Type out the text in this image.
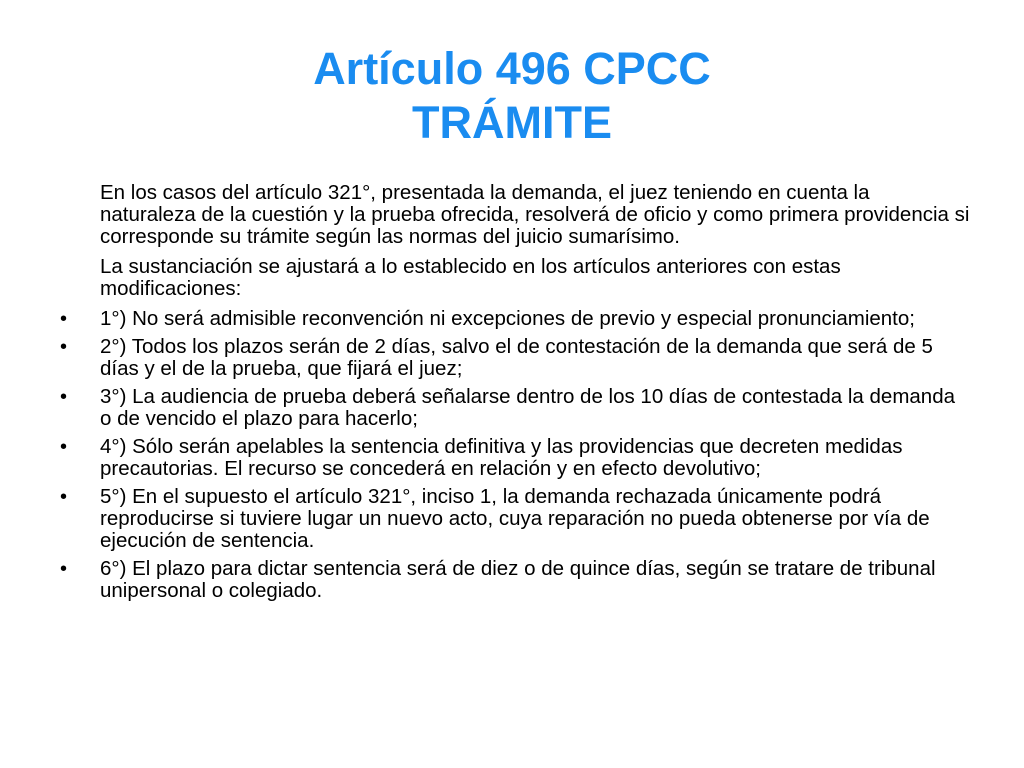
Artículo 496 CPCC
TRÁMITE
En los casos del artículo 321°, presentada la demanda, el juez teniendo en cuenta la naturaleza de la cuestión y la prueba ofrecida, resolverá de oficio y como primera providencia si corresponde su trámite según las normas del juicio sumarísimo.
La sustanciación se ajustará a lo establecido en los artículos anteriores con estas modificaciones:
•	1°) No será admisible reconvención ni excepciones de previo y especial pronunciamiento;
•	2°) Todos los plazos serán de 2 días, salvo el de contestación de la demanda que será de 5 días y el de la prueba, que fijará el juez;
•	3°) La audiencia de prueba deberá señalarse dentro de los 10 días de contestada la demanda o de vencido el plazo para hacerlo;
•	4°) Sólo serán apelables la sentencia definitiva y las providencias que decreten medidas precautorias. El recurso se concederá en relación y en efecto devolutivo;
•	5°) En el supuesto el artículo 321°, inciso 1, la demanda rechazada únicamente podrá reproducirse si tuviere lugar un nuevo acto, cuya reparación no pueda obtenerse por vía de ejecución de sentencia.
•	6°) El plazo para dictar sentencia será de diez o de quince días, según se tratare de tribunal unipersonal o colegiado.
